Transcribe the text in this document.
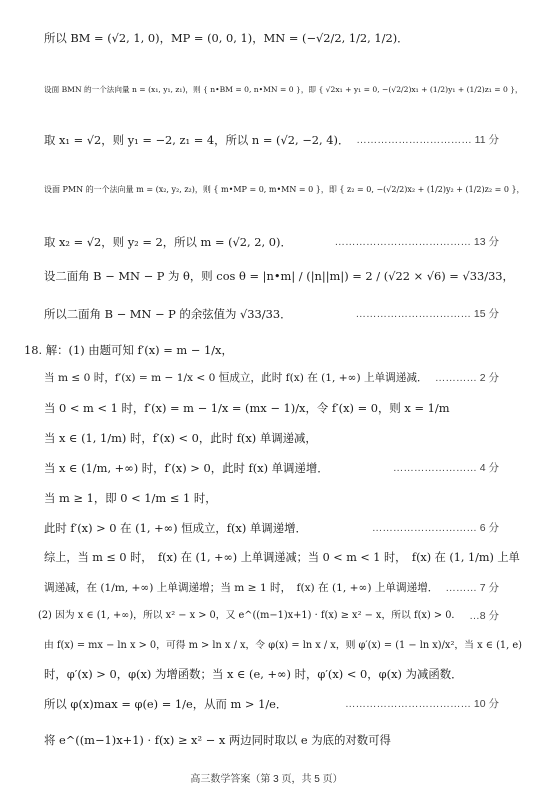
所以 BM = (√2, 1, 0)，MP = (0, 0, 1)，MN = (−√2/2, 1/2, 1/2)．
设面 BMN 的一个法向量 n = (x₁, y₁, z₁)，则 { n•BM = 0, n•MN = 0 }，即 { √2x₁ + y₁ = 0, −(√2/2)x₁ + (1/2)y₁ + (1/2)z₁ = 0 }，
取 x₁ = √2，则 y₁ = −2, z₁ = 4，所以 n = (√2, −2, 4)． …………………………… 11 分
设面 PMN 的一个法向量 m = (x₂, y₂, z₂)，则 { m•MP = 0, m•MN = 0 }，即 { z₂ = 0, −(√2/2)x₂ + (1/2)y₂ + (1/2)z₂ = 0 }，
取 x₂ = √2，则 y₂ = 2，所以 m = (√2, 2, 0)．	………………………………… 13 分
设二面角 B − MN − P 为 θ，则 cos θ = |n•m| / (|n||m|) = 2 / (√22 × √6) = √33/33，
所以二面角 B − MN − P 的余弦值为 √33/33．	…………………………… 15 分
18. 解：(1) 由题可知 f′(x) = m − 1/x，
当 m ≤ 0 时，f′(x) = m − 1/x < 0 恒成立，此时 f(x) 在 (1, +∞) 上单调递减． ………… 2 分
当 0 < m < 1 时，f′(x) = m − 1/x = (mx − 1)/x，令 f′(x) = 0，则 x = 1/m
当 x ∈ (1, 1/m) 时，f′(x) < 0，此时 f(x) 单调递减，
当 x ∈ (1/m, +∞) 时，f′(x) > 0，此时 f(x) 单调递增．	…………………… 4 分
当 m ≥ 1，即 0 < 1/m ≤ 1 时，
此时 f′(x) > 0 在 (1, +∞) 恒成立，f(x) 单调递增．	………………………… 6 分
综上，当 m ≤ 0 时，　f(x) 在 (1, +∞) 上单调递减；当 0 < m < 1 时，　f(x) 在 (1, 1/m) 上单
调递减，在 (1/m, +∞) 上单调递增；当 m ≥ 1 时，　f(x) 在 (1, +∞) 上单调递增． ……… 7 分
(2) 因为 x ∈ (1, +∞)，所以 x² − x > 0，又 e^((m−1)x+1) · f(x) ≥ x² − x，所以 f(x) > 0． …8 分
由 f(x) = mx − ln x > 0，可得 m > ln x / x，令 φ(x) = ln x / x，则 φ′(x) = (1 − ln x)/x²，当 x ∈ (1, e)
时，φ′(x) > 0，φ(x) 为增函数；当 x ∈ (e, +∞) 时，φ′(x) < 0，φ(x) 为减函数．
所以 φ(x)max = φ(e) = 1/e，从而 m > 1/e．	……………………………… 10 分
将 e^((m−1)x+1) · f(x) ≥ x² − x 两边同时取以 e 为底的对数可得
高三数学答案（第 3 页，共 5 页）
